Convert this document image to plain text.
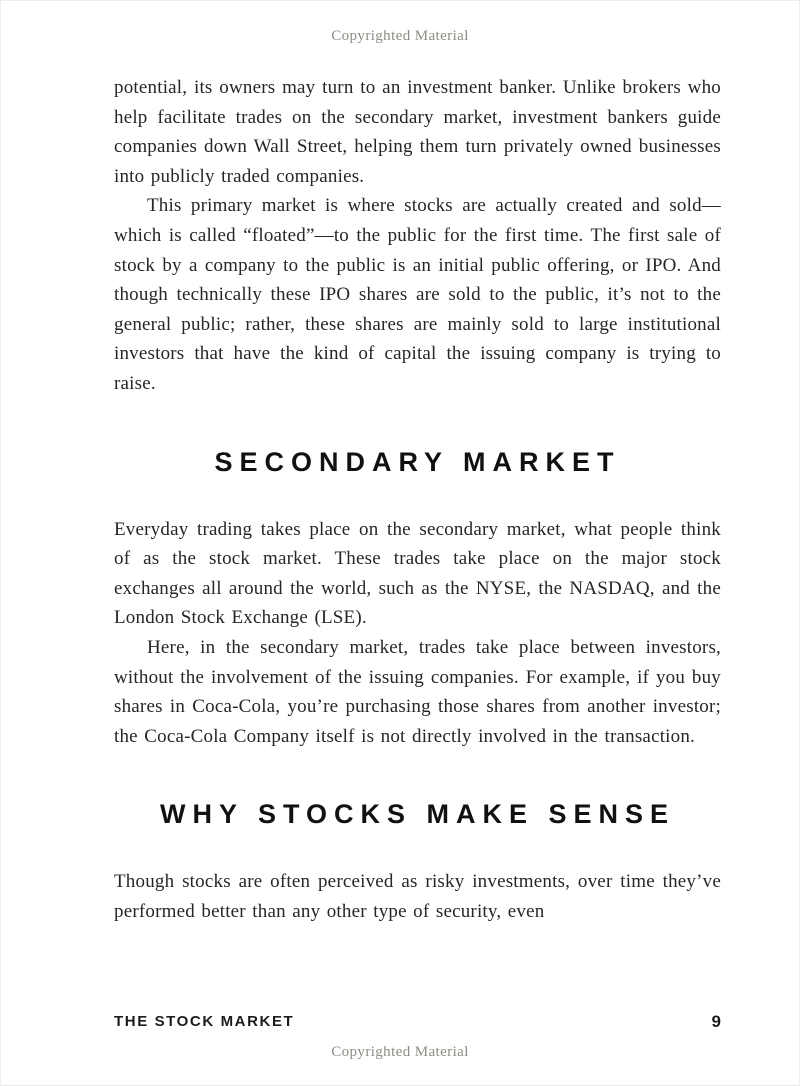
Copyrighted Material

potential, its owners may turn to an investment banker. Unlike brokers who help facilitate trades on the secondary market, investment bankers guide companies down Wall Street, helping them turn privately owned businesses into publicly traded companies.

This primary market is where stocks are actually created and sold—which is called “floated”—to the public for the first time. The first sale of stock by a company to the public is an initial public offering, or IPO. And though technically these IPO shares are sold to the public, it’s not to the general public; rather, these shares are mainly sold to large institutional investors that have the kind of capital the issuing company is trying to raise.

SECONDARY MARKET

Everyday trading takes place on the secondary market, what people think of as the stock market. These trades take place on the major stock exchanges all around the world, such as the NYSE, the NASDAQ, and the London Stock Exchange (LSE).

Here, in the secondary market, trades take place between investors, without the involvement of the issuing companies. For example, if you buy shares in Coca-Cola, you’re purchasing those shares from another investor; the Coca-Cola Company itself is not directly involved in the transaction.

WHY STOCKS MAKE SENSE

Though stocks are often perceived as risky investments, over time they’ve performed better than any other type of security, even

THE STOCK MARKET	9
Copyrighted Material
